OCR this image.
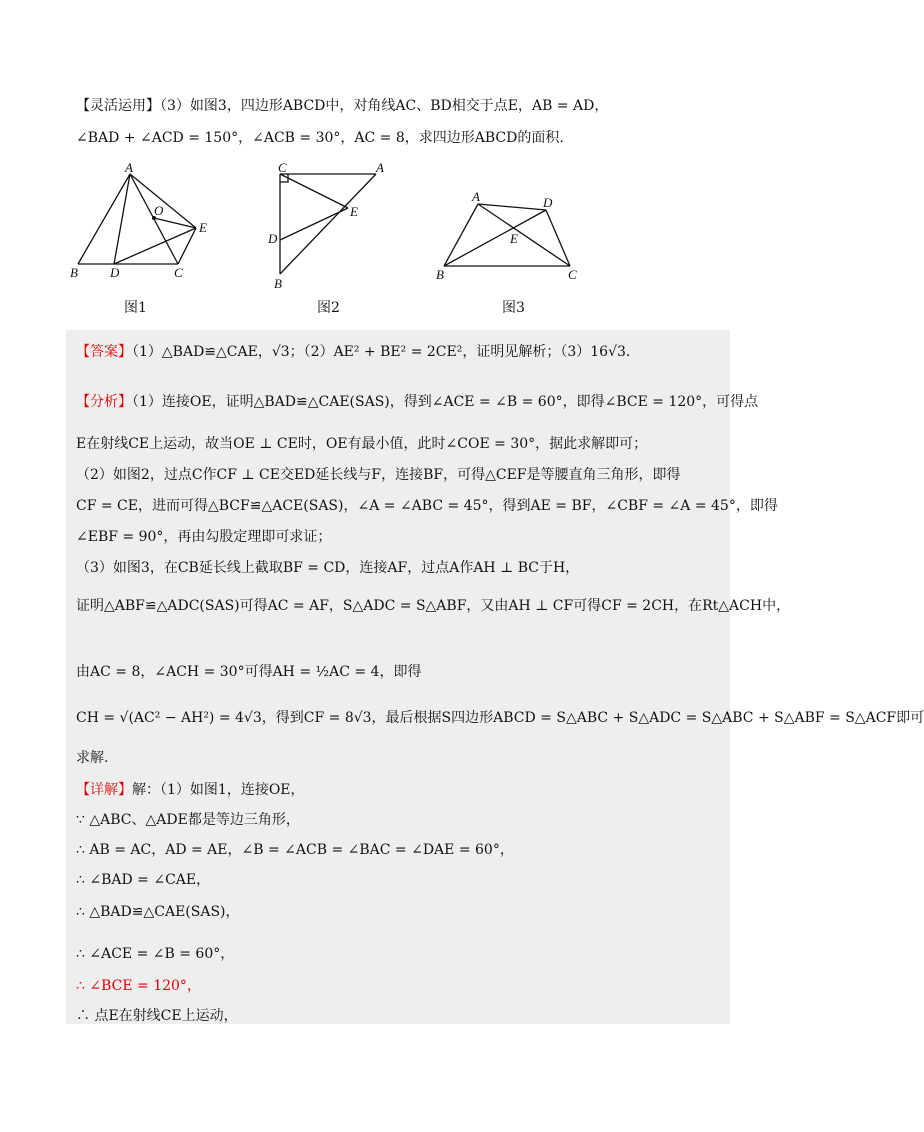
【灵活运用】（3）如图3，四边形ABCD中，对角线AC、BD相交于点E，AB = AD，
∠BAD + ∠ACD = 150°，∠ACB = 30°，AC = 8，求四边形ABCD的面积.
A
O
E
B D	C
图1
C	A
E
D
B
图2
A	D
E
B	C
图3
【答案】（1）△BAD≌△CAE，√3；（2）AE² + BE² = 2CE²，证明见解析；（3）16√3．
【分析】（1）连接OE，证明△BAD≌△CAE(SAS)，得到∠ACE = ∠B = 60°，即得∠BCE = 120°，可得点
E在射线CE上运动，故当OE ⊥ CE时，OE有最小值，此时∠COE = 30°，据此求解即可；
（2）如图2，过点C作CF ⊥ CE交ED延长线与F，连接BF，可得△CEF是等腰直角三角形，即得
CF = CE，进而可得△BCF≌△ACE(SAS)，∠A = ∠ABC = 45°，得到AE = BF，∠CBF = ∠A = 45°，即得
∠EBF = 90°，再由勾股定理即可求证；
（3）如图3，在CB延长线上截取BF = CD，连接AF，过点A作AH ⊥ BC于H，
证明△ABF≌△ADC(SAS)可得AC = AF，S△ADC = S△ABF，又由AH ⊥ CF可得CF = 2CH，在Rt△ACH中，
由AC = 8，∠ACH = 30°可得AH = ½AC = 4，即得
CH = √(AC² − AH²) = 4√3，得到CF = 8√3，最后根据S四边形ABCD = S△ABC + S△ADC = S△ABC + S△ABF = S△ACF即可
求解.
【详解】解：（1）如图1，连接OE，
∵ △ABC、△ADE都是等边三角形，
∴ AB = AC，AD = AE，∠B = ∠ACB = ∠BAC = ∠DAE = 60°，
∴ ∠BAD = ∠CAE，
∴ △BAD≌△CAE(SAS)，
∴ ∠ACE = ∠B = 60°，
∴ ∠BCE = 120°，
∴ 点E在射线CE上运动，
